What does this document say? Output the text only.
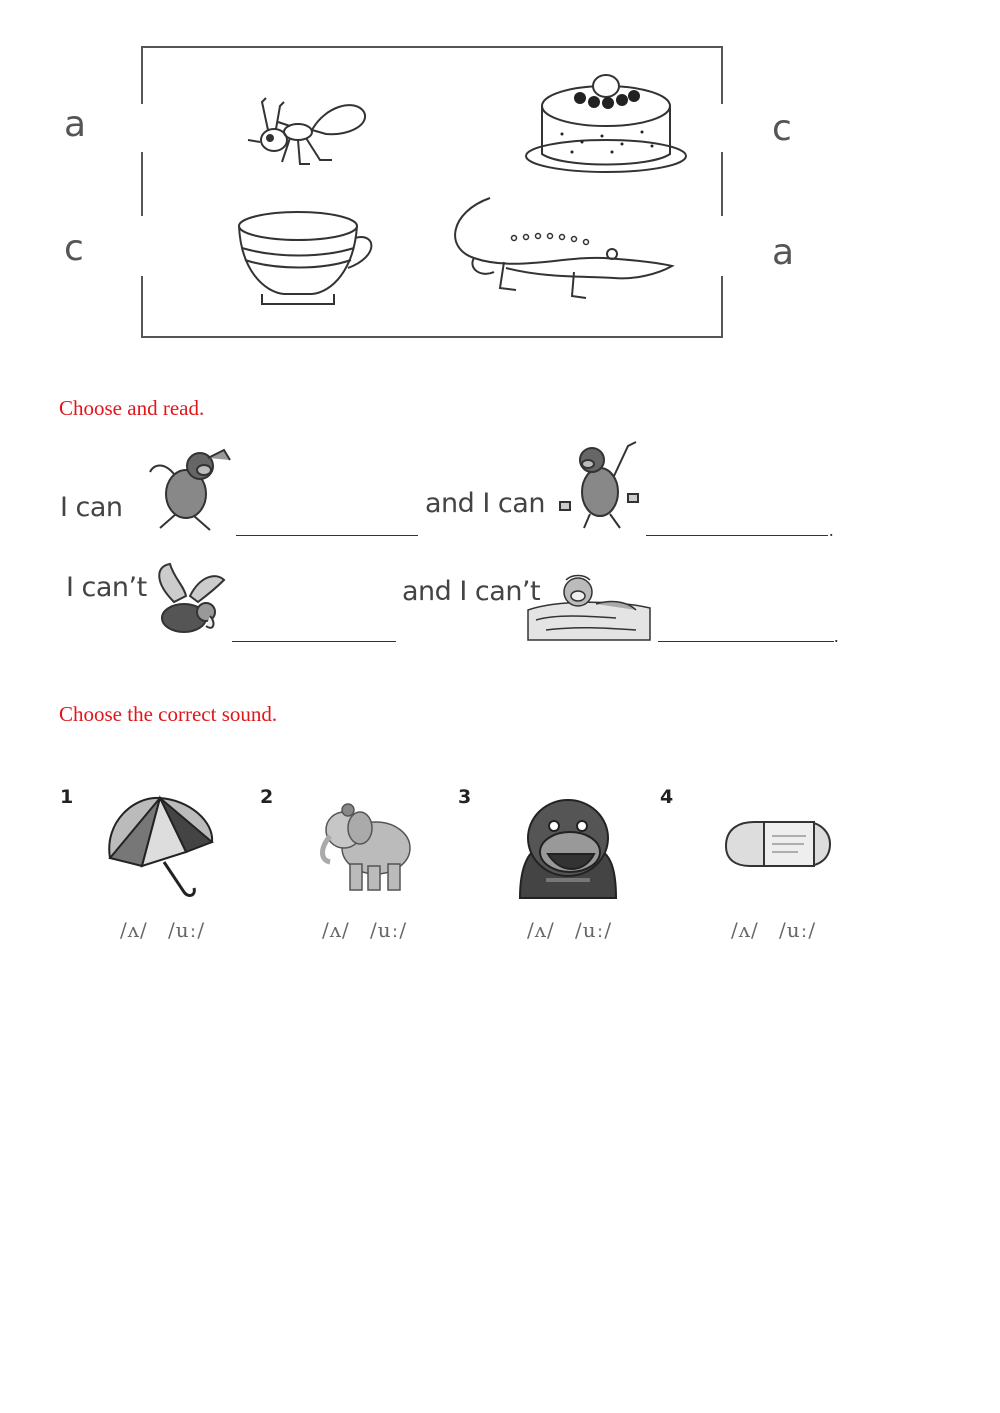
a
c
c
a
Choose and read.
I can	and I can
.
I can’t	and I can’t
.
Choose the correct sound.
1
/ʌ/ /uː/
2
/ʌ/ /uː/
3
/ʌ/ /uː/
4
/ʌ/ /uː/
